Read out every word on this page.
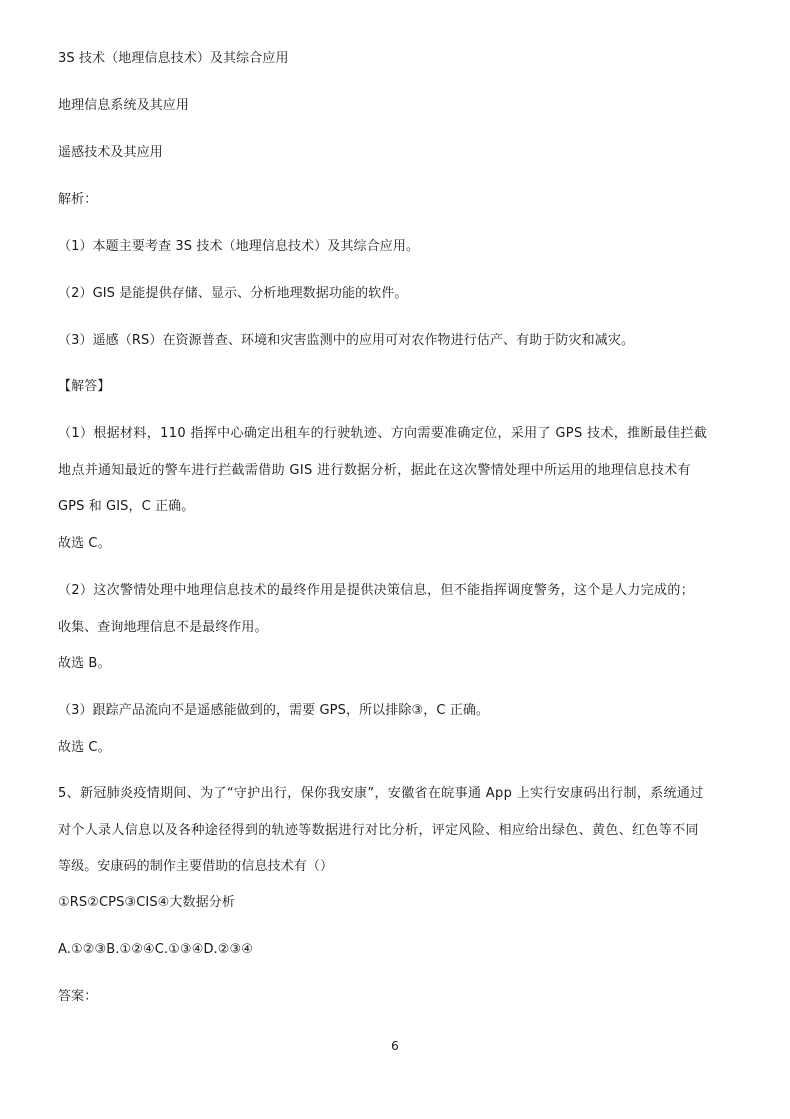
3S 技术（地理信息技术）及其综合应用
地理信息系统及其应用
遥感技术及其应用
解析：
（1）本题主要考查 3S 技术（地理信息技术）及其综合应用。
（2）GIS 是能提供存储、显示、分析地理数据功能的软件。
（3）遥感（RS）在资源普查、环境和灾害监测中的应用可对农作物进行估产、有助于防灾和减灾。
【解答】
（1）根据材料，110 指挥中心确定出租车的行驶轨迹、方向需要准确定位，采用了 GPS 技术，推断最佳拦截
地点并通知最近的警车进行拦截需借助 GIS 进行数据分析，据此在这次警情处理中所运用的地理信息技术有
GPS 和 GIS，C 正确。
故选 C。
（2）这次警情处理中地理信息技术的最终作用是提供决策信息，但不能指挥调度警务，这个是人力完成的；
收集、查询地理信息不是最终作用。
故选 B。
（3）跟踪产品流向不是遥感能做到的，需要 GPS，所以排除③，C 正确。
故选 C。
5、新冠肺炎疫情期间、为了“守护出行，保你我安康”，安徽省在皖事通 App 上实行安康码出行制，系统通过
对个人录人信息以及各种途径得到的轨迹等数据进行对比分析，评定风险、相应给出绿色、黄色、红色等不同
等级。安康码的制作主要借助的信息技术有（）
①RS②CPS③CIS④大数据分析
A.①②③B.①②④C.①③④D.②③④
答案：
6
